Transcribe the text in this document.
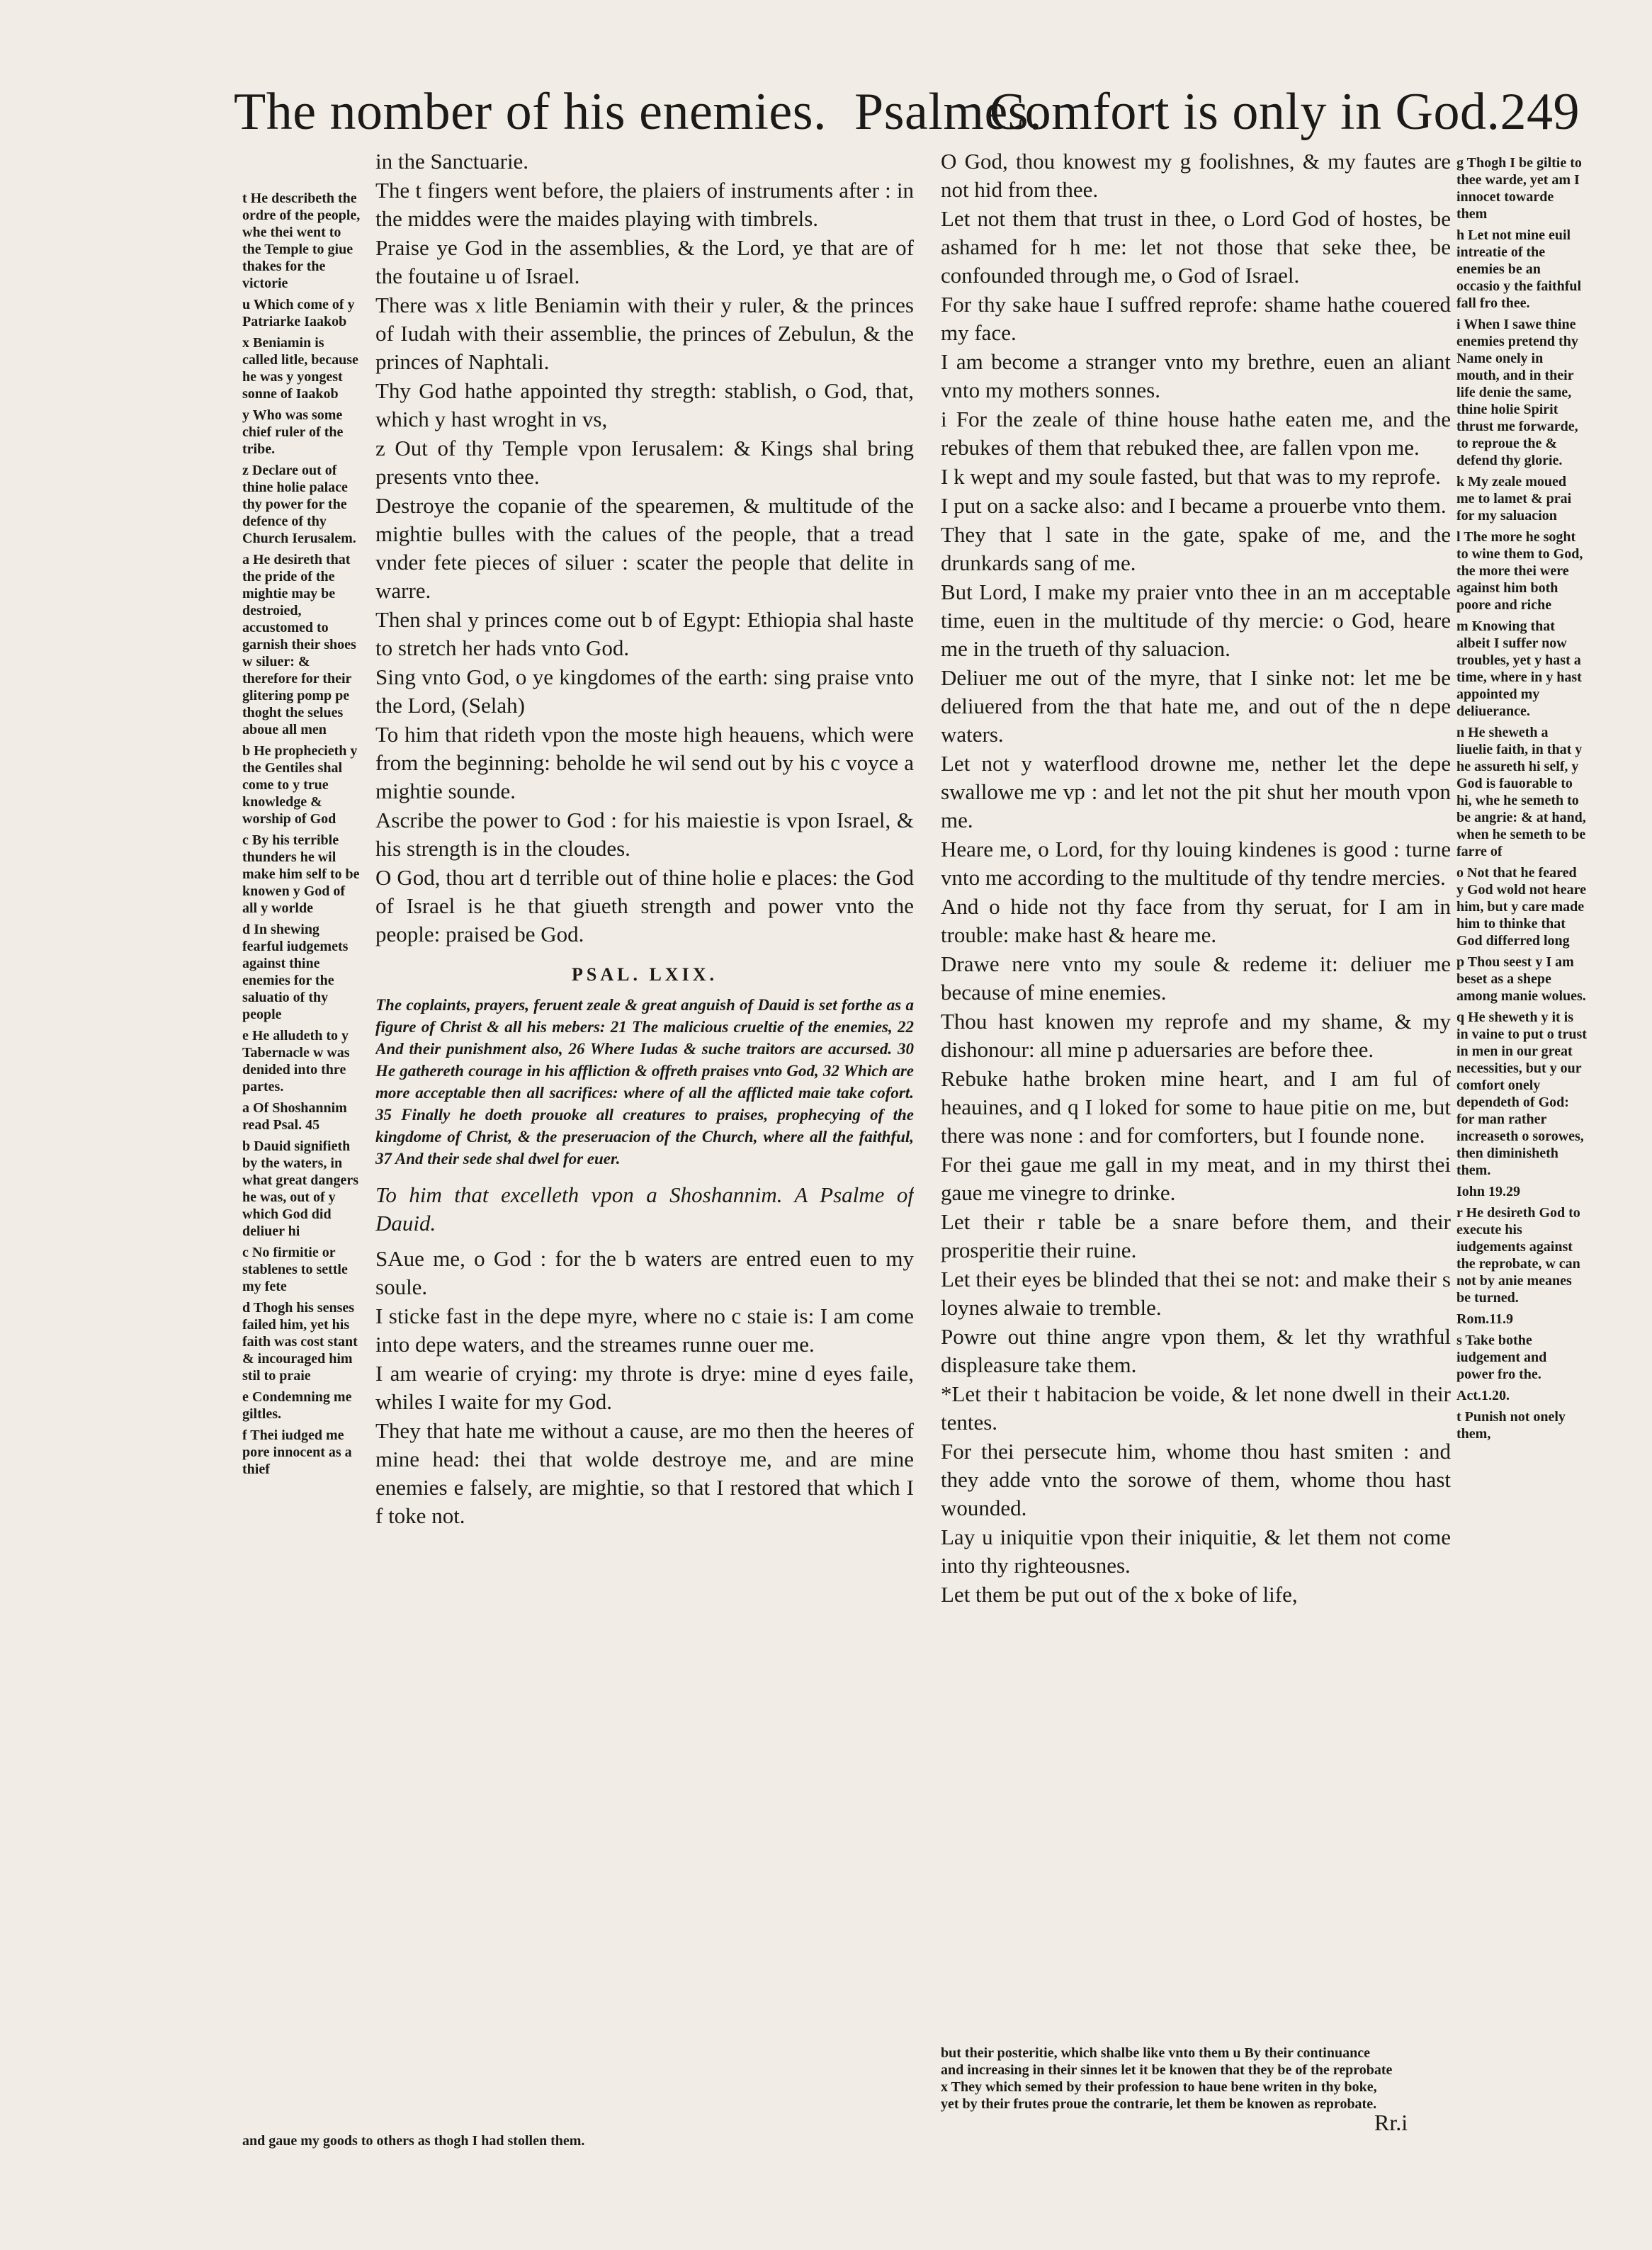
The nomber of his enemies. Psalmes.
Comfort is only in God.249
t He describeth the ordre of the people, whe thei went to the Temple to giue thakes for the victorie
u Which come of y Patriarke Iaakob
x Beniamin is called litle, because he was y yongest sonne of Iaakob
y Who was some chief ruler of the tribe.
z Declare out of thine holie palace thy power for the defence of thy Church Ierusalem.
a He desireth that the pride of the mightie may be destroied, accustomed to garnish their shoes w siluer: & therefore for their glitering pomp pe thoght the selues aboue all men
b He prophecieth y the Gentiles shal come to y true knowledge & worship of God
c By his terrible thunders he wil make him self to be knowen y God of all y worlde
d In shewing fearful iudgemets against thine enemies for the saluatio of thy people
e He alludeth to y Tabernacle w was denided into thre partes.
a Of Shoshannim read Psal. 45
b Dauid signifieth by the waters, in what great dangers he was, out of y which God did deliuer hi
c No firmitie or stablenes to settle my fete
d Thogh his senses failed him, yet his faith was cost stant & incouraged him stil to praie
e Condemning me giltles.
f Thei iudged me pore innocent as a thief
in the Sanctuarie.
The t fingers went before, the plaiers of instruments after : in the middes were the maides playing with timbrels.
Praise ye God in the assemblies, & the Lord, ye that are of the foutaine u of Israel.
There was x litle Beniamin with their y ruler, & the princes of Iudah with their assemblie, the princes of Zebulun, & the princes of Naphtali.
Thy God hathe appointed thy stregth: stablish, o God, that, which y hast wroght in vs,
z Out of thy Temple vpon Ierusalem: & Kings shal bring presents vnto thee.
Destroye the copanie of the spearemen, & multitude of the mightie bulles with the calues of the people, that a tread vnder fete pieces of siluer : scater the people that delite in warre.
Then shal y princes come out b of Egypt: Ethiopia shal haste to stretch her hads vnto God.
Sing vnto God, o ye kingdomes of the earth: sing praise vnto the Lord, (Selah)
To him that rideth vpon the moste high heauens, which were from the beginning: beholde he wil send out by his c voyce a mightie sounde.
Ascribe the power to God : for his maiestie is vpon Israel, & his strength is in the cloudes.
O God, thou art d terrible out of thine holie e places: the God of Israel is he that giueth strength and power vnto the people: praised be God.
PSAL. LXIX.
The coplaints, prayers, feruent zeale & great anguish of Dauid is set forthe as a figure of Christ & all his mebers: 21 The malicious crueltie of the enemies, 22 And their punishment also, 26 Where Iudas & suche traitors are accursed. 30 He gathereth courage in his affliction & offreth praises vnto God, 32 Which are more acceptable then all sacrifices: where of all the afflicted maie take cofort. 35 Finally he doeth prouoke all creatures to praises, prophecying of the kingdome of Christ, & the preseruacion of the Church, where all the faithful, 37 And their sede shal dwel for euer.
To him that excelleth vpon a Shoshannim. A Psalme of Dauid.
SAue me, o God : for the b waters are entred euen to my soule.
I sticke fast in the depe myre, where no c staie is: I am come into depe waters, and the streames runne ouer me.
I am wearie of crying: my throte is drye: mine d eyes faile, whiles I waite for my God.
They that hate me without a cause, are mo then the heeres of mine head: thei that wolde destroye me, and are mine enemies e falsely, are mightie, so that I restored that which I f toke not.
O God, thou knowest my g foolishnes, & my fautes are not hid from thee.
Let not them that trust in thee, o Lord God of hostes, be ashamed for h me: let not those that seke thee, be confounded through me, o God of Israel.
For thy sake haue I suffred reprofe: shame hathe couered my face.
I am become a stranger vnto my brethre, euen an aliant vnto my mothers sonnes.
i For the zeale of thine house hathe eaten me, and the rebukes of them that rebuked thee, are fallen vpon me.
I k wept and my soule fasted, but that was to my reprofe.
I put on a sacke also: and I became a prouerbe vnto them.
They that l sate in the gate, spake of me, and the drunkards sang of me.
But Lord, I make my praier vnto thee in an m acceptable time, euen in the multitude of thy mercie: o God, heare me in the trueth of thy saluacion.
Deliuer me out of the myre, that I sinke not: let me be deliuered from the that hate me, and out of the n depe waters.
Let not y waterflood drowne me, nether let the depe swallowe me vp : and let not the pit shut her mouth vpon me.
Heare me, o Lord, for thy louing kindenes is good : turne vnto me according to the multitude of thy tendre mercies.
And o hide not thy face from thy seruat, for I am in trouble: make hast & heare me.
Drawe nere vnto my soule & redeme it: deliuer me because of mine enemies.
Thou hast knowen my reprofe and my shame, & my dishonour: all mine p aduersaries are before thee.
Rebuke hathe broken mine heart, and I am ful of heauines, and q I loked for some to haue pitie on me, but there was none : and for comforters, but I founde none.
For thei gaue me gall in my meat, and in my thirst thei gaue me vinegre to drinke.
Let their r table be a snare before them, and their prosperitie their ruine.
Let their eyes be blinded that thei se not: and make their s loynes alwaie to tremble.
Powre out thine angre vpon them, & let thy wrathful displeasure take them.
*Let their t habitacion be voide, & let none dwell in their tentes.
For thei persecute him, whome thou hast smiten : and they adde vnto the sorowe of them, whome thou hast wounded.
Lay u iniquitie vpon their iniquitie, & let them not come into thy righteousnes.
Let them be put out of the x boke of life,
g Thogh I be giltie to thee warde, yet am I innocet towarde them
h Let not mine euil intreatie of the enemies be an occasio y the faithful fall fro thee.
i When I sawe thine enemies pretend thy Name onely in mouth, and in their life denie the same, thine holie Spirit thrust me forwarde, to reproue the & defend thy glorie.
k My zeale moued me to lamet & prai for my saluacion
l The more he soght to wine them to God, the more thei were against him both poore and riche
m Knowing that albeit I suffer now troubles, yet y hast a time, where in y hast appointed my deliuerance.
n He sheweth a liuelie faith, in that y he assureth hi self, y God is fauorable to hi, whe he semeth to be angrie: & at hand, when he semeth to be farre of
o Not that he feared y God wold not heare him, but y care made him to thinke that God differred long
p Thou seest y I am beset as a shepe among manie wolues.
q He sheweth y it is in vaine to put o trust in men in our great necessities, but y our comfort onely dependeth of God: for man rather increaseth o sorowes, then diminisheth them.
Iohn 19.29
r He desireth God to execute his iudgements against the reprobate, w can not by anie meanes be turned.
Rom.11.9
s Take bothe iudgement and power fro the.
Act.1.20.
t Punish not onely them,
but their posteritie, which shalbe like vnto them u By their continuance
and increasing in their sinnes let it be knowen that they be of the reprobate
x They which semed by their profession to haue bene writen in thy boke,
yet by their frutes proue the contrarie, let them be knowen as reprobate.
and gaue my goods to others as thogh I had stollen them.
Rr.i
